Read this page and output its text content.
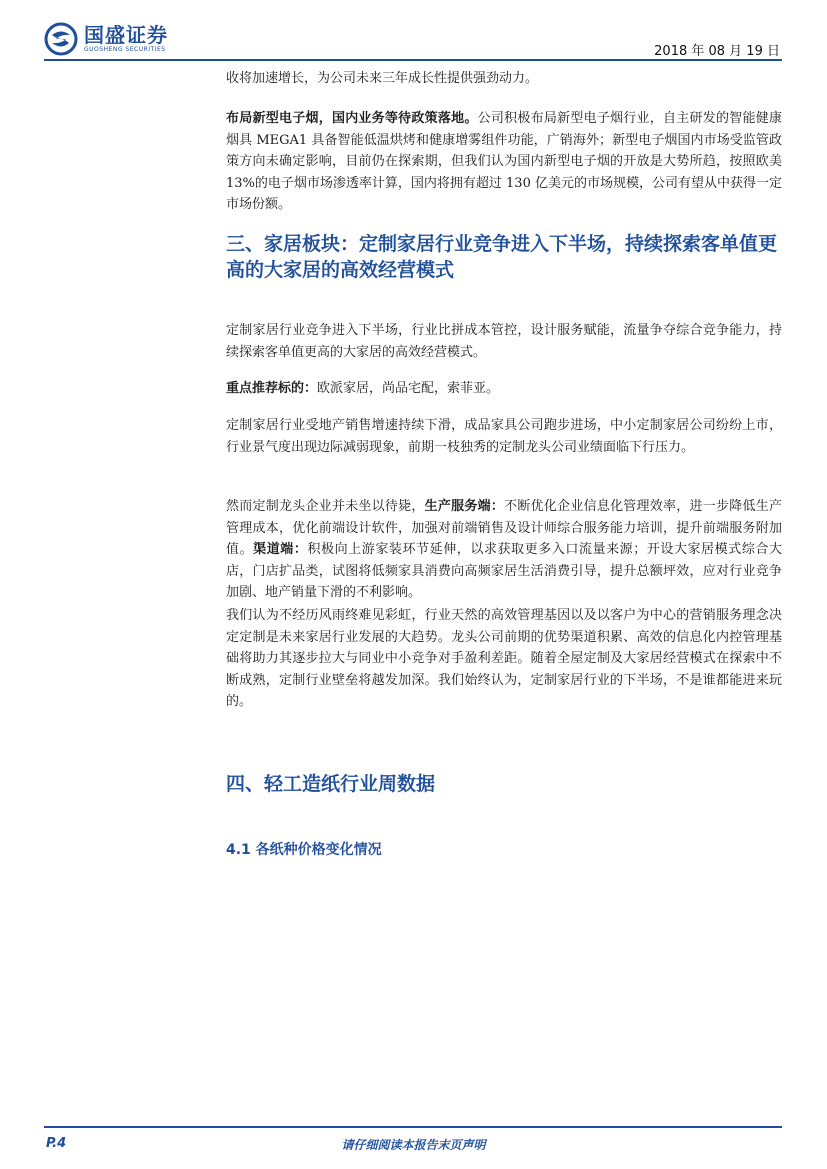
国盛证券
GUOSHENG SECURITIES	2018 年 08 月 19 日

收将加速增长，为公司未来三年成长性提供强劲动力。

布局新型电子烟，国内业务等待政策落地。公司积极布局新型电子烟行业，自主研发的智能健康烟具 MEGA1 具备智能低温烘烤和健康增雾组件功能，广销海外；新型电子烟国内市场受监管政策方向未确定影响，目前仍在探索期，但我们认为国内新型电子烟的开放是大势所趋，按照欧美 13%的电子烟市场渗透率计算，国内将拥有超过 130 亿美元的市场规模，公司有望从中获得一定市场份额。

三、家居板块：定制家居行业竞争进入下半场，持续探索客单值更高的大家居的高效经营模式

定制家居行业竞争进入下半场，行业比拼成本管控，设计服务赋能，流量争夺综合竞争能力，持续探索客单值更高的大家居的高效经营模式。

重点推荐标的：欧派家居，尚品宅配，索菲亚。

定制家居行业受地产销售增速持续下滑，成品家具公司跑步进场，中小定制家居公司纷纷上市，行业景气度出现边际减弱现象，前期一枝独秀的定制龙头公司业绩面临下行压力。

然而定制龙头企业并未坐以待毙，生产服务端：不断优化企业信息化管理效率，进一步降低生产管理成本，优化前端设计软件，加强对前端销售及设计师综合服务能力培训，提升前端服务附加值。渠道端：积极向上游家装环节延伸，以求获取更多入口流量来源；开设大家居模式综合大店，门店扩品类，试图将低频家具消费向高频家居生活消费引导，提升总额坪效，应对行业竞争加剧、地产销量下滑的不利影响。

我们认为不经历风雨终难见彩虹，行业天然的高效管理基因以及以客户为中心的营销服务理念决定定制是未来家居行业发展的大趋势。龙头公司前期的优势渠道积累、高效的信息化内控管理基础将助力其逐步拉大与同业中小竞争对手盈利差距。随着全屋定制及大家居经营模式在探索中不断成熟，定制行业壁垒将越发加深。我们始终认为，定制家居行业的下半场，不是谁都能进来玩的。

四、轻工造纸行业周数据
4.1 各纸种价格变化情况
P.4	请仔细阅读本报告末页声明
